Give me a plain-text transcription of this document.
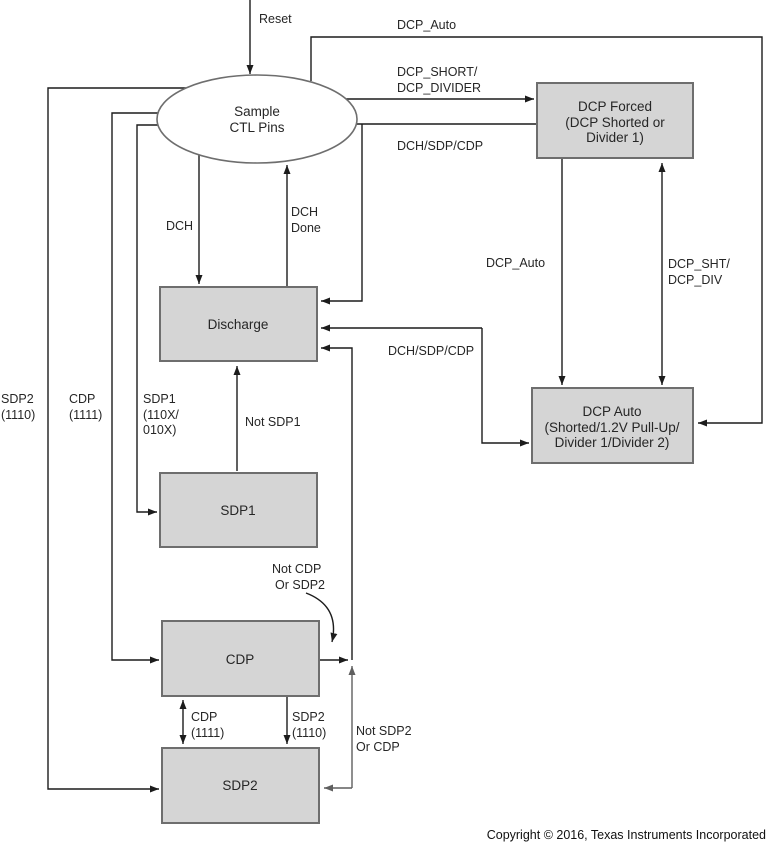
Reset	DCP_Auto
DCP_SHORT/
DCP_DIVIDER
DCH/SDP/CDP
DCH
DCH
Done
DCP_Auto	DCP_SHT/
DCP_DIV
DCH/SDP/CDP
SDP2
(1110)
CDP
(1111)
SDP1
(110X/
010X)
Not SDP1
CDP
(1111)
SDP2
(1110)
Not CDP
Or SDP2
Not SDP2
Or CDP
Sample
CTL Pins
DCP Forced
(DCP Shorted or
Divider 1)
Discharge
DCP Auto
(Shorted/1.2V Pull-Up/
Divider 1/Divider 2)
SDP1
CDP
SDP2
Copyright © 2016, Texas Instruments Incorporated
